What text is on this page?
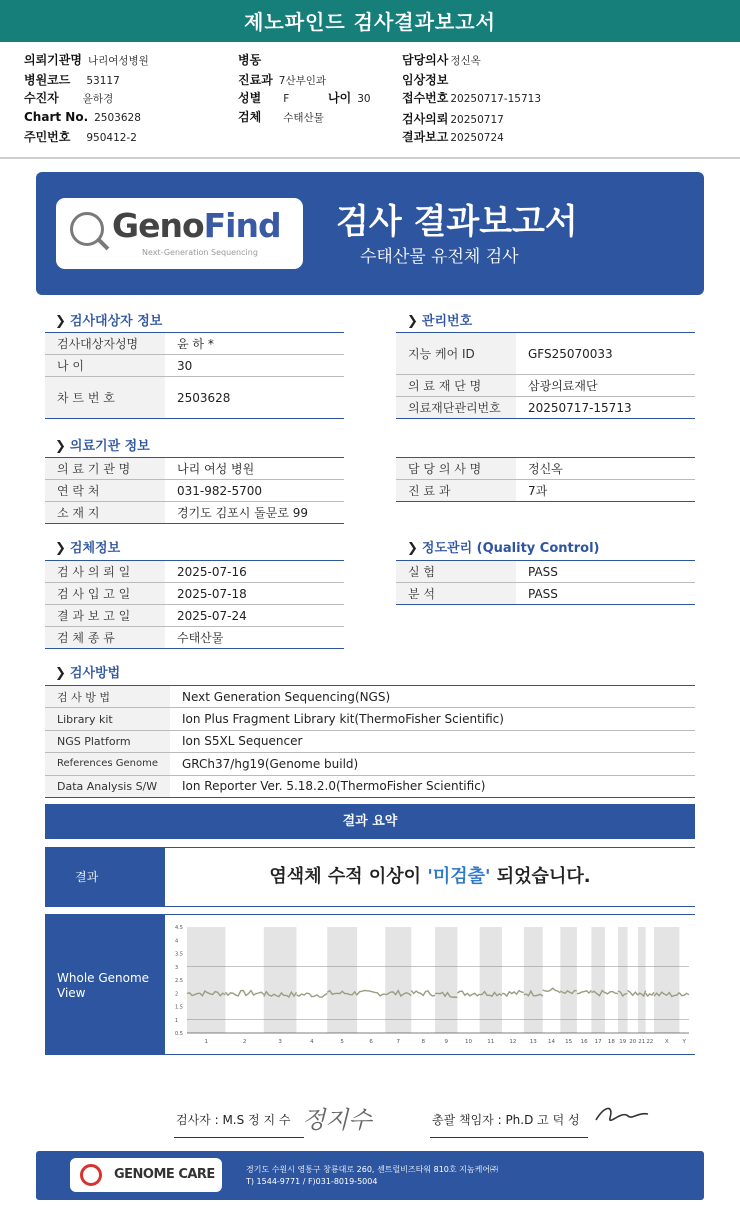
제노파인드 검사결과보고서
의뢰기관명 나리여성병원
병원코드 53117
수진자 윤하경
Chart No. 2503628
주민번호 950412-2
병동
진료과 7산부인과
성별 F	나이 30
검체 수태산물
담당의사 정신옥
임상정보
접수번호 20250717-15713
검사의뢰 20250717
결과보고 20250724
GenoFind
Next-Generation Sequencing
검사 결과보고서
수태산물 유전체 검사
❯ 검사대상자 정보
검사대상자성명	윤 하 *
나 이	30
차 트 번 호	2503628
❯ 관리번호
지능 케어 ID	GFS25070033
의 료 재 단 명	삼광의료재단
의료재단관리번호	20250717-15713
❯ 의료기관 정보
의 료 기 관 명	나리 여성 병원
연 락 처	031-982-5700
소 재 지	경기도 김포시 돌문로 99
담 당 의 사 명	정신옥
진 료 과	7과
❯ 검체정보
검 사 의 뢰 일	2025-07-16
검 사 입 고 일	2025-07-18
결 과 보 고 일	2025-07-24
검 체 종 류	수태산물
❯ 정도관리 (Quality Control)
실 험	PASS
분 석	PASS
❯ 검사방법
검 사 방 법	Next Generation Sequencing(NGS)
Library kit	Ion Plus Fragment Library kit(ThermoFisher Scientific)
NGS Platform	Ion S5XL Sequencer
References Genome	GRCh37/hg19(Genome build)
Data Analysis S/W	Ion Reporter Ver. 5.18.2.0(ThermoFisher Scientific)
결과 요약
결과	염색체 수적 이상이 '미검출' 되었습니다.
Whole Genome
View
4.5
4
3.5
3
2.5
2
1.5
1
0.5
1	2	3	4	5	6	7	8	9	10	11	12 13 14 15 16 17 18 19 20 21 22 X	Y
검사자 : M.S 정 지 수 정지수	총괄 책임자 : Ph.D 고 덕 성
GENOME CARE	경기도 수원시 영통구 창룡대로 260, 센트럴비즈타워 810호 지놈케어㈜
T) 1544-9771 / F)031-8019-5004
